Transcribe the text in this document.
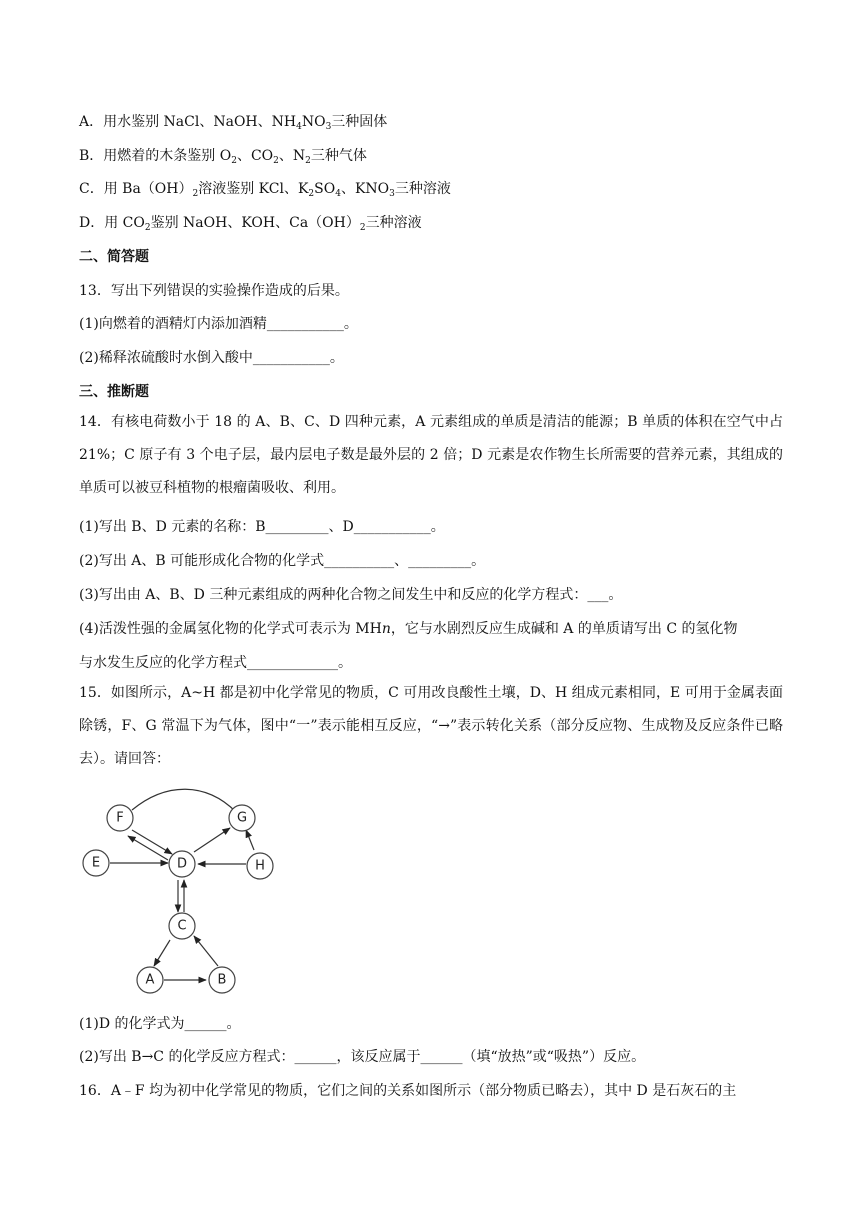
A．用水鉴别 NaCl、NaOH、$NH_4NO_3$三种固体
B．用燃着的木条鉴别 $O_2$、$CO_2$、$N_2$三种气体
C．用 $Ba(OH)_2$溶液鉴别 KCl、$K_2SO_4$、$KNO_3$三种溶液
D．用 $CO_2$鉴别 NaOH、KOH、$Ca(OH)_2$三种溶液
二、简答题
13．写出下列错误的实验操作造成的后果。
(1)向燃着的酒精灯内添加酒精___________。
(2)稀释浓硫酸时水倒入酸中___________。
三、推断题
14．有核电荷数小于 18 的 A、B、C、D 四种元素，A 元素组成的单质是清洁的能源；B 单质的体积在空气中占 21%；C 原子有 3 个电子层，最内层电子数是最外层的 2 倍；D 元素是农作物生长所需要的营养元素，其组成的单质可以被豆科植物的根瘤菌吸收、利用。
(1)写出 B、D 元素的名称：B_________、D___________。
(2)写出 A、B 可能形成化合物的化学式__________、_________。
(3)写出由 A、B、D 三种元素组成的两种化合物之间发生中和反应的化学方程式：___。
(4)活泼性强的金属氢化物的化学式可表示为 MHn，它与水剧烈反应生成碱和 A 的单质请写出 C 的氢化物
与水发生反应的化学方程式_____________。
15．如图所示，A~H 都是初中化学常见的物质，C 可用改良酸性土壤，D、H 组成元素相同，E 可用于金属表面除锈，F、G 常温下为气体，图中“一”表示能相互反应，“→”表示转化关系（部分反应物、生成物及反应条件已略去）。请回答：
F	G
E	D	H
C
A	B
(1)D 的化学式为______。
(2)写出 B→C 的化学反应方程式：______，该反应属于______（填“放热”或“吸热”）反应。
16．A﹣F 均为初中化学常见的物质，它们之间的关系如图所示（部分物质已略去），其中 D 是石灰石的主
